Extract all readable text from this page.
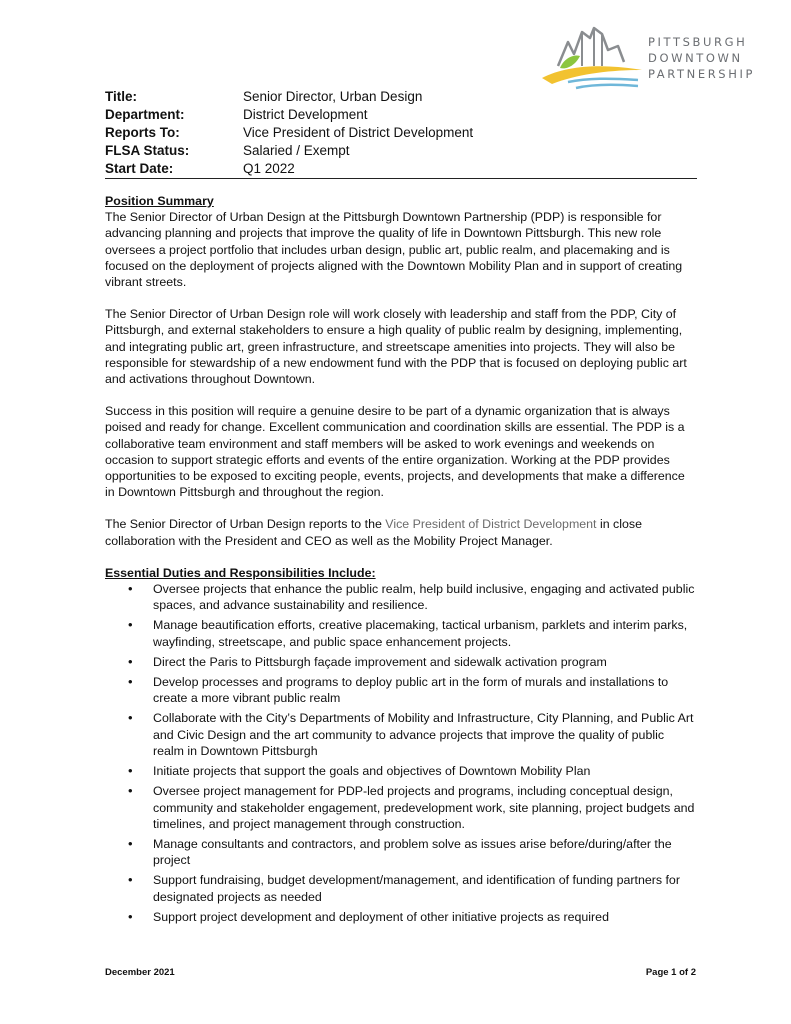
PITTSBURGH
DOWNTOWN
PARTNERSHIP
Title:	Senior Director, Urban Design
Department:	District Development
Reports To:	Vice President of District Development
FLSA Status:	Salaried / Exempt
Start Date:	Q1 2022
Position Summary

The Senior Director of Urban Design at the Pittsburgh Downtown Partnership (PDP) is responsible for advancing planning and projects that improve the quality of life in Downtown Pittsburgh. This new role oversees a project portfolio that includes urban design, public art, public realm, and placemaking and is focused on the deployment of projects aligned with the Downtown Mobility Plan and in support of creating vibrant streets.

The Senior Director of Urban Design role will work closely with leadership and staff from the PDP, City of Pittsburgh, and external stakeholders to ensure a high quality of public realm by designing, implementing, and integrating public art, green infrastructure, and streetscape amenities into projects. They will also be responsible for stewardship of a new endowment fund with the PDP that is focused on deploying public art and activations throughout Downtown.

Success in this position will require a genuine desire to be part of a dynamic organization that is always poised and ready for change. Excellent communication and coordination skills are essential. The PDP is a collaborative team environment and staff members will be asked to work evenings and weekends on occasion to support strategic efforts and events of the entire organization. Working at the PDP provides opportunities to be exposed to exciting people, events, projects, and developments that make a difference in Downtown Pittsburgh and throughout the region.

The Senior Director of Urban Design reports to the Vice President of District Development in close collaboration with the President and CEO as well as the Mobility Project Manager.

Essential Duties and Responsibilities Include:
• Oversee projects that enhance the public realm, help build inclusive, engaging and activated public spaces, and advance sustainability and resilience.
• Manage beautification efforts, creative placemaking, tactical urbanism, parklets and interim parks, wayfinding, streetscape, and public space enhancement projects.
• Direct the Paris to Pittsburgh façade improvement and sidewalk activation program
• Develop processes and programs to deploy public art in the form of murals and installations to create a more vibrant public realm
• Collaborate with the City’s Departments of Mobility and Infrastructure, City Planning, and Public Art and Civic Design and the art community to advance projects that improve the quality of public realm in Downtown Pittsburgh
• Initiate projects that support the goals and objectives of Downtown Mobility Plan
• Oversee project management for PDP-led projects and programs, including conceptual design, community and stakeholder engagement, predevelopment work, site planning, project budgets and timelines, and project management through construction.
• Manage consultants and contractors, and problem solve as issues arise before/during/after the project
• Support fundraising, budget development/management, and identification of funding partners for designated projects as needed
• Support project development and deployment of other initiative projects as required
December 2021	Page 1 of 2
